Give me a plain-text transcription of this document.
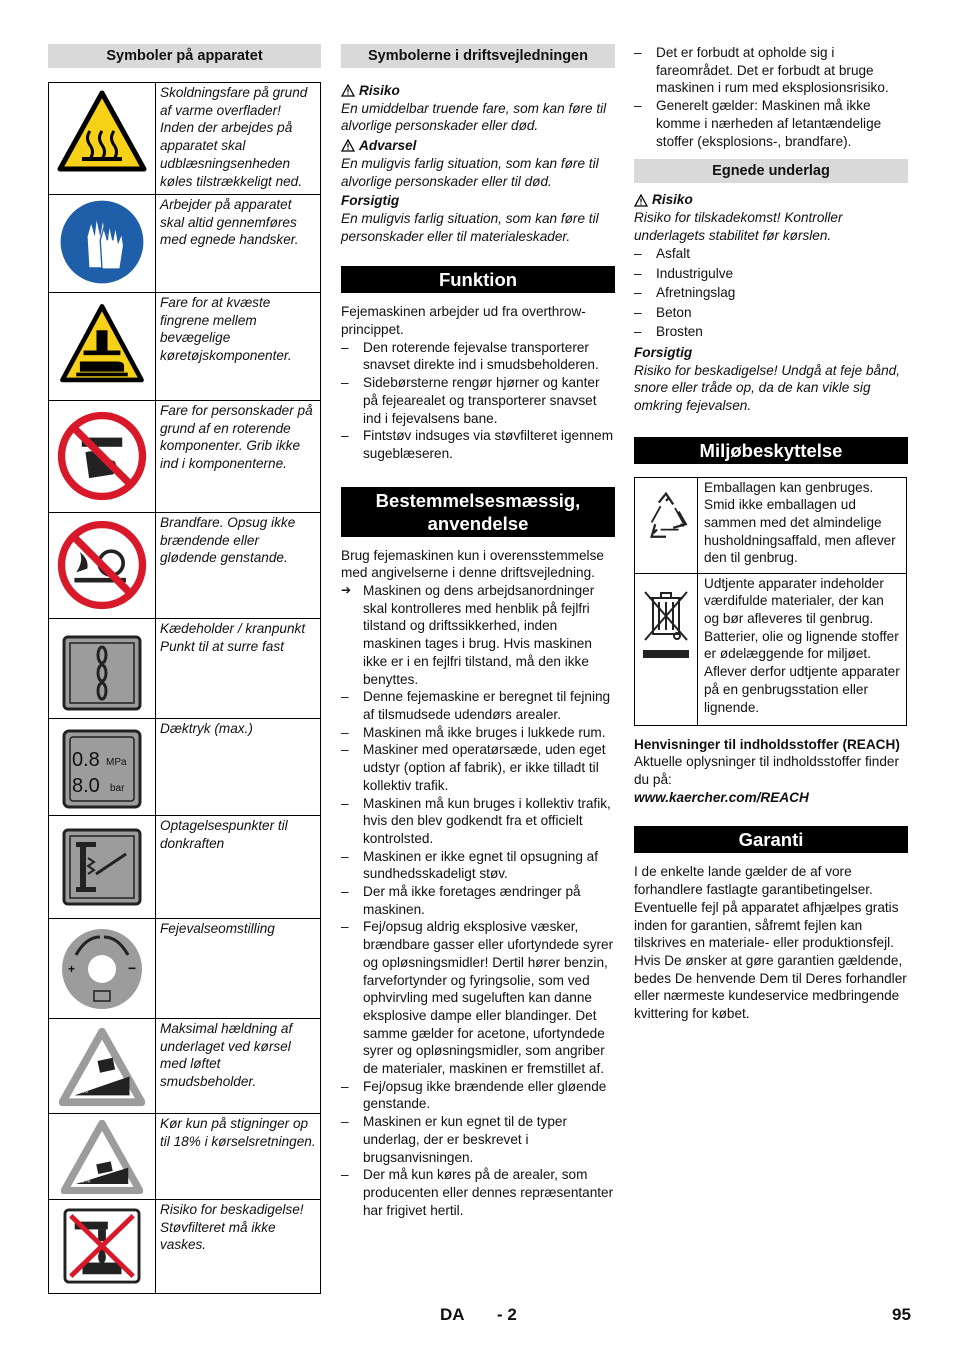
Symboler på apparatet
	Skoldningsfare på grund af varme overflader! Inden der arbejdes på apparatet skal udblæsningsenheden køles tilstrækkeligt ned.
	Arbejder på apparatet skal altid gennemføres med egnede handsker.
	Fare for at kvæste fingrene mellem bevægelige køretøjskomponenter.
	Fare for personskader på grund af en roterende komponenter. Grib ikke ind i komponenterne.
	Brandfare. Opsug ikke brændende eller glødende genstande.
	Kædeholder / kranpunkt Punkt til at surre fast

0.8 MPa
8.0 bar	Dæktryk (max.)
	Optagelsespunkter til donkraften

+ −	Fejevalseomstilling

0%	Maksimal hældning af underlaget ved kørsel med løftet smudsbeholder.

18%	Kør kun på stigninger op til 18% i kørselsretningen.
	Risiko for beskadigelse! Støvfilteret må ikke vaskes.
Symbolerne i driftsvejledningen
Risiko

En umiddelbar truende fare, som kan føre til alvorlige personskader eller død.

Advarsel

En muligvis farlig situation, som kan føre til alvorlige personskader eller til død.

Forsigtig

En muligvis farlig situation, som kan føre til personskader eller til materialeskader.

Funktion

Fejemaskinen arbejder ud fra overthrow-princippet.

– Den roterende fejevalse transporterer snavset direkte ind i smudsbeholderen.
– Sidebørsterne rengør hjørner og kanter på fejearealet og transporterer snavset ind i fejevalsens bane.
– Fintstøv indsuges via støvfilteret igennem sugeblæseren.
Bestemmelsesmæssig, anvendelse

Brug fejemaskinen kun i overensstemmelse med angivelserne i denne driftsvejledning.

➔ Maskinen og dens arbejdsanordninger skal kontrolleres med henblik på fejlfri tilstand og driftssikkerhed, inden maskinen tages i brug. Hvis maskinen ikke er i en fejlfri tilstand, må den ikke benyttes.
– Denne fejemaskine er beregnet til fejning af tilsmudsede udendørs arealer.
– Maskinen må ikke bruges i lukkede rum.
– Maskiner med operatørsæde, uden eget udstyr (option af fabrik), er ikke tilladt til kollektiv trafik.
– Maskinen må kun bruges i kollektiv trafik, hvis den blev godkendt fra et officielt kontrolsted.
– Maskinen er ikke egnet til opsugning af sundhedsskadeligt støv.
– Der må ikke foretages ændringer på maskinen.
– Fej/opsug aldrig eksplosive væsker, brændbare gasser eller ufortyndede syrer og opløsningsmidler! Dertil hører benzin, farvefortynder og fyringsolie, som ved ophvirvling med sugeluften kan danne eksplosive dampe eller blandinger. Det samme gælder for acetone, ufortyndede syrer og opløsningsmidler, som angriber de materialer, maskinen er fremstillet af.
– Fej/opsug ikke brændende eller gløende genstande.
– Maskinen er kun egnet til de typer underlag, der er beskrevet i brugsanvisningen.
– Der må kun køres på de arealer, som producenten eller dennes repræsentanter har frigivet hertil.
– Det er forbudt at opholde sig i fareområdet. Det er forbudt at bruge maskinen i rum med eksplosionsrisiko.
– Generelt gælder: Maskinen må ikke komme i nærheden af letantændelige stoffer (eksplosions-, brandfare).
Egnede underlag
Risiko

Risiko for tilskadekomst! Kontroller underlagets stabilitet før kørslen.

– Asfalt
– Industrigulve
– Afretningslag
– Beton
– Brosten
Forsigtig

Risiko for beskadigelse! Undgå at feje bånd, snore eller tråde op, da de kan vikle sig omkring fejevalsen.

Miljøbeskyttelse
	Emballagen kan genbruges. Smid ikke emballagen ud sammen med det almindelige husholdningsaffald, men aflever den til genbrug.
	Udtjente apparater indeholder værdifulde materialer, der kan og bør afleveres til genbrug. Batterier, olie og lignende stoffer er ødelæggende for miljøet. Aflever derfor udtjente apparater på en genbrugsstation eller lignende.

Henvisninger til indholdsstoffer (REACH)

Aktuelle oplysninger til indholdsstoffer finder du på:

www.kaercher.com/REACH

Garanti

I de enkelte lande gælder de af vore forhandlere fastlagte garantibetingelser. Eventuelle fejl på apparatet afhjælpes gratis inden for garantien, såfremt fejlen kan tilskrives en materiale- eller produktionsfejl. Hvis De ønsker at gøre garantien gældende, bedes De henvende Dem til Deres forhandler eller nærmeste kundeservice medbringende kvittering for købet.

DA - 2	95
